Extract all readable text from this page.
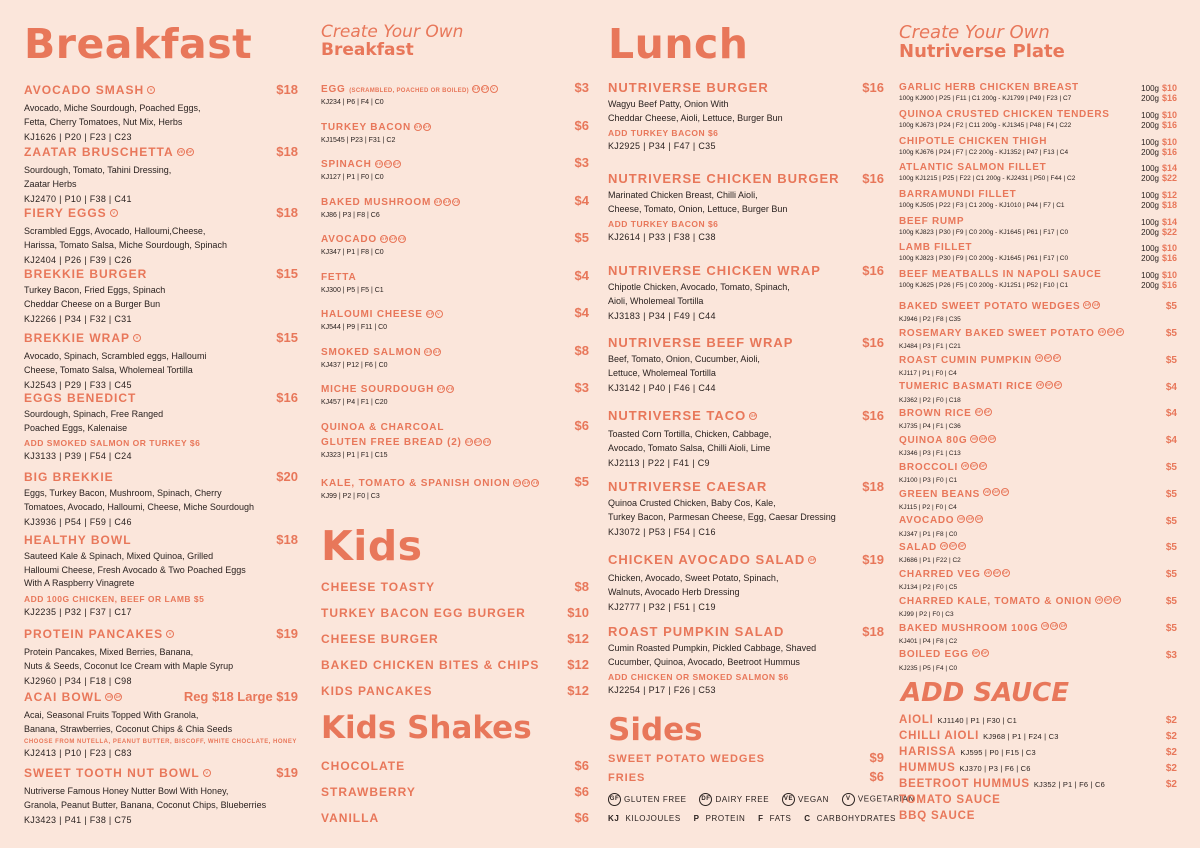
Breakfast
AVOCADO SMASH V	$18
Avocado, Miche Sourdough, Poached Eggs,
Fetta, Cherry Tomatoes, Nut Mix, Herbs
KJ1626 | P20 | F23 | C23
ZAATAR BRUSCHETTA VE DF	$18
Sourdough, Tomato, Tahini Dressing,
Zaatar Herbs
KJ2470 | P10 | F38 | C41
FIERY EGGS V	$18
Scrambled Eggs, Avocado, Halloumi,Cheese,
Harissa, Tomato Salsa, Miche Sourdough, Spinach
KJ2404 | P26 | F39 | C26
BREKKIE BURGER	$15
Turkey Bacon, Fried Eggs, Spinach
Cheddar Cheese on a Burger Bun
KJ2266 | P34 | F32 | C31
BREKKIE WRAP V	$15
Avocado, Spinach, Scrambled eggs, Halloumi
Cheese, Tomato Salsa, Wholemeal Tortilla
KJ2543 | P29 | F33 | C45
EGGS BENEDICT	$16
Sourdough, Spinach, Free Ranged
Poached Eggs, Kalenaise
ADD SMOKED SALMON OR TURKEY $6
KJ3133 | P39 | F54 | C24
BIG BREKKIE	$20
Eggs, Turkey Bacon, Mushroom, Spinach, Cherry
Tomatoes, Avocado, Halloumi, Cheese, Miche Sourdough
KJ3936 | P54 | F59 | C46
HEALTHY BOWL	$18
Sauteed Kale & Spinach, Mixed Quinoa, Grilled
Halloumi Cheese, Fresh Avocado & Two Poached Eggs
With A Raspberry Vinagrete
ADD 100G CHICKEN, BEEF OR LAMB $5
KJ2235 | P32 | F37 | C17
PROTEIN PANCAKES V	$19
Protein Pancakes, Mixed Berries, Banana,
Nuts & Seeds, Coconut Ice Cream with Maple Syrup
KJ2960 | P34 | F18 | C98
ACAI BOWL VE DF	Reg $18 Large $19
Acai, Seasonal Fruits Topped With Granola,
Banana, Strawberries, Coconut Chips & Chia Seeds
CHOOSE FROM NUTELLA, PEANUT BUTTER, BISCOFF, WHITE CHOCLATE, HONEY
KJ2413 | P10 | F23 | C83
SWEET TOOTH NUT BOWL V	$19
Nutriverse Famous Honey Nutter Bowl With Honey,
Granola, Peanut Butter, Banana, Coconut Chips, Blueberries
KJ3423 | P41 | F38 | C75
Create Your Own
Breakfast
EGG (SCRAMBLED, POACHED OR BOILED) GF DF V	$3
KJ234 | P6 | F4 | C0
TURKEY BACON GF DF	$6
KJ1545 | P23 | F31 | C2
SPINACH VE GF DF	$3
KJ127 | P1 | F0 | C0
BAKED MUSHROOM GF DF VE	$4
KJ86 | P3 | F8 | C6
AVOCADO GF DF VE	$5
KJ347 | P1 | F8 | C0
FETTA	$4
KJ300 | P5 | F5 | C1
HALOUMI CHEESE GF V	$4
KJ544 | P9 | F11 | C0
SMOKED SALMON GF DF	$8
KJ437 | P12 | F6 | C0
MICHE SOURDOUGH DF VE	$3
KJ457 | P4 | F1 | C20
QUINOA & CHARCOAL	$6
GLUTEN FREE BREAD (2) GF DF VE
KJ323 | P1 | F1 | C15
KALE, TOMATO & SPANISH ONION GF DF VE	$5
KJ99 | P2 | F0 | C3
Kids
CHEESE TOASTY	$8
TURKEY BACON EGG BURGER	$10
CHEESE BURGER	$12
BAKED CHICKEN BITES & CHIPS $12
KIDS PANCAKES	$12
Kids Shakes
CHOCOLATE	$6
STRAWBERRY	$6
VANILLA	$6
Lunch
NUTRIVERSE BURGER	$16
Wagyu Beef Patty, Onion With
Cheddar Cheese, Aioli, Lettuce, Burger Bun
ADD TURKEY BACON $6
KJ2925 | P34 | F47 | C35
NUTRIVERSE CHICKEN BURGER $16
Marinated Chicken Breast, Chilli Aioli,
Cheese, Tomato, Onion, Lettuce, Burger Bun
ADD TURKEY BACON $6
KJ2614 | P33 | F38 | C38
NUTRIVERSE CHICKEN WRAP	$16
Chipotle Chicken, Avocado, Tomato, Spinach,
Aioli, Wholemeal Tortilla
KJ3183 | P34 | F49 | C44
NUTRIVERSE BEEF WRAP	$16
Beef, Tomato, Onion, Cucumber, Aioli,
Lettuce, Wholemeal Tortilla
KJ3142 | P40 | F46 | C44
NUTRIVERSE TACO GF	$16
Toasted Corn Tortilla, Chicken, Cabbage,
Avocado, Tomato Salsa, Chilli Aioli, Lime
KJ2113 | P22 | F41 | C9
NUTRIVERSE CAESAR	$18
Quinoa Crusted Chicken, Baby Cos, Kale,
Turkey Bacon, Parmesan Cheese, Egg, Caesar Dressing
KJ3072 | P53 | F54 | C16
CHICKEN AVOCADO SALAD GF	$19
Chicken, Avocado, Sweet Potato, Spinach,
Walnuts, Avocado Herb Dressing
KJ2777 | P32 | F51 | C19
ROAST PUMPKIN SALAD	$18
Cumin Roasted Pumpkin, Pickled Cabbage, Shaved
Cucumber, Quinoa, Avocado, Beetroot Hummus
ADD CHICKEN OR SMOKED SALMON $6
KJ2254 | P17 | F26 | C53
Sides
SWEET POTATO WEDGES	$9
FRIES	$6
GF GLUTEN FREE DF DAIRY FREE VE VEGAN	V VEGETARIAN
KJ KILOJOULES P PROTEIN F FATS C CARBOHYDRATES
Create Your Own
Nutriverse Plate
GARLIC HERB CHICKEN BREAST
100g KJ900 | P25 | F11 | C1 200g - KJ1799 | P49 | F23 | C7
100g $10
200g $16
QUINOA CRUSTED CHICKEN TENDERS
100g KJ673 | P24 | F2 | C11 200g - KJ1345 | P48 | F4 | C22
100g $10
200g $16
CHIPOTLE CHICKEN THIGH
100g KJ676 | P24 | F7 | C2 200g - KJ1352 | P47 | F13 | C4
100g $10
200g $16
ATLANTIC SALMON FILLET
100g KJ1215 | P25 | F22 | C1 200g - KJ2431 | P50 | F44 | C2
100g $14
200g $22
BARRAMUNDI FILLET
100g KJ505 | P22 | F3 | C1 200g - KJ1010 | P44 | F7 | C1
100g $12
200g $18
BEEF RUMP
100g KJ823 | P30 | F9 | C0 200g - KJ1645 | P61 | F17 | C0
100g $14
200g $22
LAMB FILLET
100g KJ823 | P30 | F9 | C0 200g - KJ1645 | P61 | F17 | C0
100g $10
200g $16
BEEF MEATBALLS IN NAPOLI SAUCE
100g KJ625 | P26 | F5 | C0 200g - KJ1251 | P52 | F10 | C1
100g $10
200g $16
BAKED SWEET POTATO WEDGES DF GF	$5
KJ946 | P2 | F8 | C35
ROSEMARY BAKED SWEET POTATO VE GF DF	$5
KJ484 | P3 | F1 | C21
ROAST CUMIN PUMPKIN VE GF DF	$5
KJ117 | P1 | F0 | C4
TUMERIC BASMATI RICE VE GF DF	$4
KJ362 | P2 | F0 | C18
BROWN RICE GF DF	$4
KJ735 | P4 | F1 | C36
QUINOA 80G VE GF DF	$4
KJ346 | P3 | F1 | C13
BROCCOLI VE GF DF	$5
KJ100 | P3 | F0 | C1
GREEN BEANS VE GF DF	$5
KJ115 | P2 | F0 | C4
AVOCADO VE GF DF	$5
KJ347 | P1 | F8 | C0
SALAD VE GF DF	$5
KJ686 | P1 | F22 | C2
CHARRED VEG VE GF DF	$5
KJ134 | P2 | F0 | C5
CHARRED KALE, TOMATO & ONION VE GF DF	$5
KJ99 | P2 | F0 | C3
BAKED MUSHROOM 100G VE GF DF	$5
KJ401 | P4 | F8 | C2
BOILED EGG GF DF	$3
KJ235 | P5 | F4 | C0
ADD SAUCE
AIOLI KJ1140 | P1 | F30 | C1	$2
CHILLI AIOLI KJ968 | P1 | F24 | C3	$2
HARISSA KJ595 | P0 | F15 | C3	$2
HUMMUS KJ370 | P3 | F6 | C6	$2
BEETROOT HUMMUS KJ352 | P1 | F6 | C6	$2
TOMATO SAUCE
BBQ SAUCE
